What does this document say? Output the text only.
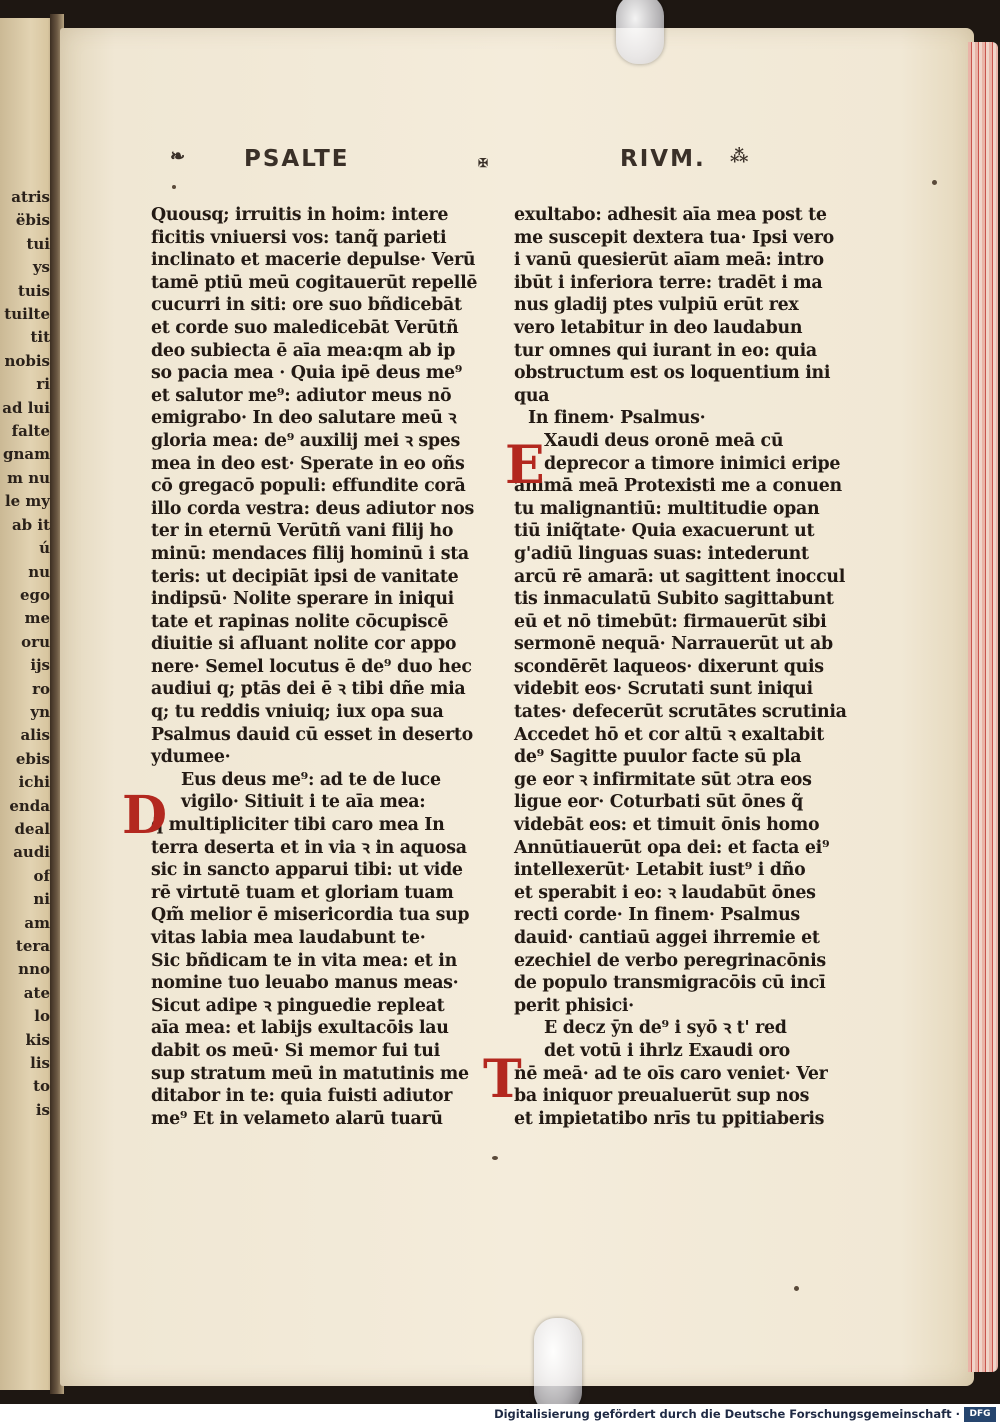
atris
ëbis
tui
ys
tuis
tuilte
tit
nobis
ri
ad lui
falte
gnam
m nu
le my
ab it
ú
nu
ego
me
oru
ijs
ro
yn
alis
ebis
ichi
enda
deal
audi
of
ni
am
tera
nno
ate
lo
kis
lis
to
is
❧	PSALTE	✠	RIVM. ⁂
Quousq; irruitis in hoim: intere
ficitis vniuersi vos: tanq̃ parieti
inclinato et macerie depulse· Verū
tamē ptiū meū cogitauerūt repellē
cucurri in siti: ore suo bñdicebāt
et corde suo maledicebāt Verūtñ
deo subiecta ē aīa mea:qm ab ip
so pacia mea · Quia ipē deus me⁹
et salutor me⁹: adiutor meus nō
emigrabo· In deo salutare meū ꝛ
gloria mea: de⁹ auxilij mei ꝛ spes
mea in deo est· Sperate in eo oñs
cō gregacō populi: effundite corā
illo corda vestra: deus adiutor nos
ter in eternū Verūtñ vani filij ho
minū: mendaces filij hominū i sta
teris: ut decipiāt ipsi de vanitate
indipsū· Nolite sperare in iniqui
tate et rapinas nolite cōcupiscē
diuitie si afluant nolite cor appo
nere· Semel locutus ē de⁹ duo hec
audiui q; ptās dei ē ꝛ tibi dñe mia
q; tu reddis vniuiq; iux opa sua
Psalmus dauid cū esset in deserto
ydumee·
Eus deus me⁹: ad te de luce
vigilo· Sitiuit i te aīa mea:
q̃ multipliciter tibi caro mea In
terra deserta et in via ꝛ in aquosa
sic in sancto apparui tibi: ut vide
rē virtutē tuam et gloriam tuam
Qm̃ melior ē misericordia tua sup
vitas labia mea laudabunt te·
Sic bñdicam te in vita mea: et in
nomine tuo leuabo manus meas·
Sicut adipe ꝛ pinguedie repleat
aīa mea: et labijs exultacōis lau
dabit os meū· Si memor fui tui
sup stratum meū in matutinis me
ditabor in te: quia fuisti adiutor
me⁹ Et in velameto alarū tuarū
exultabo: adhesit aīa mea post te
me suscepit dextera tua· Ipsi vero
i vanū quesierūt aīam meā: intro
ibūt i inferiora terre: tradēt i ma
nus gladij ptes vulpiū erūt rex
vero letabitur in deo laudabun
tur omnes qui iurant in eo: quia
obstructum est os loquentium ini
qua
In finem· Psalmus·
Xaudi deus oronē meā cū
deprecor a timore inimici eripe
animā meā Protexisti me a conuen
tu malignantiū: multitudie opan
tiū iniq̃tate· Quia exacuerunt ut
g'adiū linguas suas: intederunt
arcū rē amarā: ut sagittent inoccul
tis inmaculatū Subito sagittabunt
eū et nō timebūt: firmauerūt sibi
sermonē nequā· Narrauerūt ut ab
scondērēt laqueos· dixerunt quis
videbit eos· Scrutati sunt iniqui
tates· defecerūt scrutātes scrutinia
Accedet hō et cor altū ꝛ exaltabit
de⁹ Sagitte puulor facte sū pla
ge eor ꝛ infirmitate sūt ɔtra eos
ligue eor· Coturbati sūt ōnes q̃
videbāt eos: et timuit ōnis homo
Annūtiauerūt opa dei: et facta ei⁹
intellexerūt· Letabit iust⁹ i dño
et sperabit i eo: ꝛ laudabūt ōnes
recti corde· In finem· Psalmus
dauid· cantiaū aggei ihrremie et
ezechiel de verbo peregrinacōnis
de populo transmigracōis cū incī
perit phisici·
E decz ȳn de⁹ i syō ꝛ t' red
det votū i ihrlz Exaudi oro
nē meā· ad te oīs caro veniet· Ver
ba iniquor preualuerūt sup nos
et impietatibo nrīs tu ppitiaberis
D
E
T
Digitalisierung gefördert durch die Deutsche Forschungsgemeinschaft ·	DFG
